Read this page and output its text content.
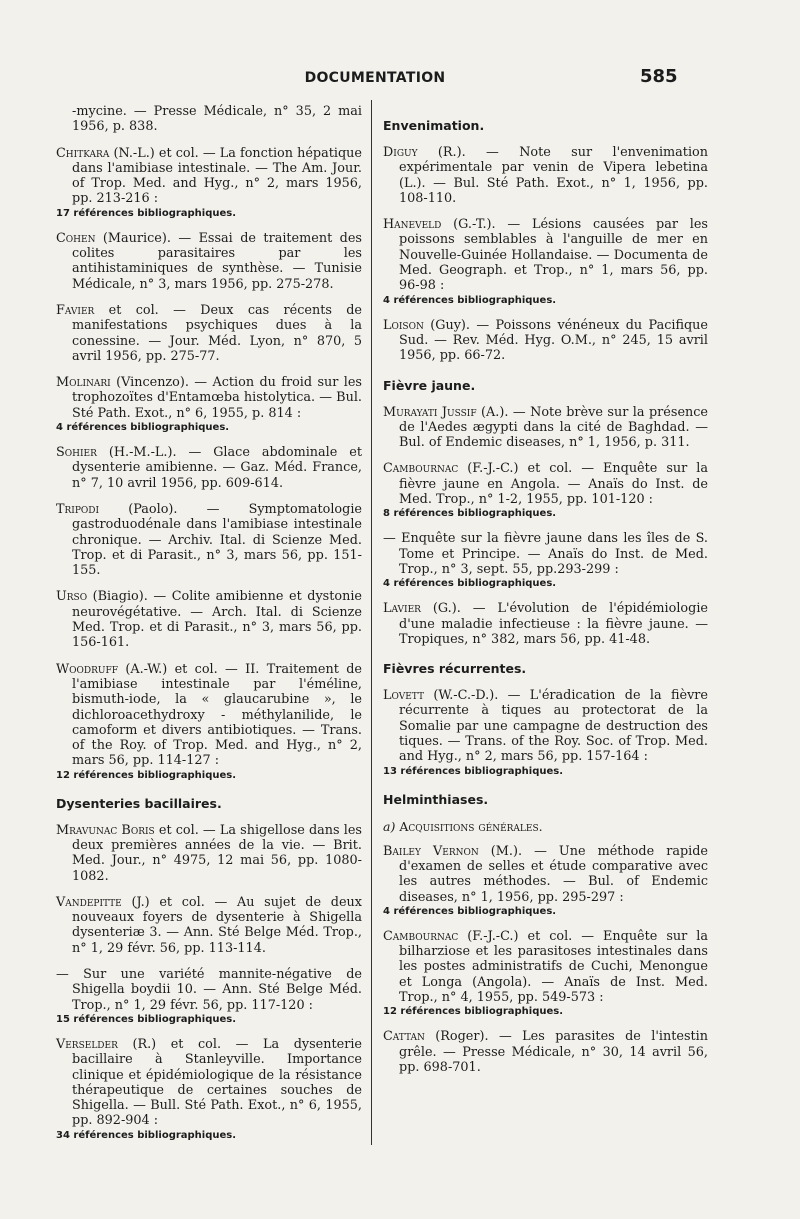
DOCUMENTATION	585

-mycine. — Presse Médicale, n° 35, 2 mai 1956, p. 838.

Chitkara (N.-L.) et col. — La fonction hépatique dans l'amibiase intestinale. — The Am. Jour. of Trop. Med. and Hyg., n° 2, mars 1956, pp. 213-216 :
17 références bibliographiques.

Cohen (Maurice). — Essai de traitement des colites parasitaires par les antihistaminiques de synthèse. — Tunisie Médicale, n° 3, mars 1956, pp. 275-278.

Favier et col. — Deux cas récents de manifestations psychiques dues à la conessine. — Jour. Méd. Lyon, n° 870, 5 avril 1956, pp. 275-77.

Molinari (Vincenzo). — Action du froid sur les trophozoïtes d'Entamœba histolytica. — Bul. Sté Path. Exot., n° 6, 1955, p. 814 :
4 références bibliographiques.

Sohier (H.-M.-L.). — Glace abdominale et dysenterie amibienne. — Gaz. Méd. France, n° 7, 10 avril 1956, pp. 609-614.

Tripodi (Paolo). — Symptomatologie gastroduodénale dans l'amibiase intestinale chronique. — Archiv. Ital. di Scienze Med. Trop. et di Parasit., n° 3, mars 56, pp. 151-155.

Urso (Biagio). — Colite amibienne et dystonie neurovégétative. — Arch. Ital. di Scienze Med. Trop. et di Parasit., n° 3, mars 56, pp. 156-161.

Woodruff (A.-W.) et col. — II. Traitement de l'amibiase intestinale par l'éméline, bismuth-iode, la « glaucarubine », le dichloroacethydroxy - méthylanilide, le camoform et divers antibiotiques. — Trans. of the Roy. of Trop. Med. and Hyg., n° 2, mars 56, pp. 114-127 :
12 références bibliographiques.

Dysenteries bacillaires.

Mravunac Boris et col. — La shigellose dans les deux premières années de la vie. — Brit. Med. Jour., n° 4975, 12 mai 56, pp. 1080-1082.

Vandepitte (J.) et col. — Au sujet de deux nouveaux foyers de dysenterie à Shigella dysenteriæ 3. — Ann. Sté Belge Méd. Trop., n° 1, 29 févr. 56, pp. 113-114.

— Sur une variété mannite-négative de Shigella boydii 10. — Ann. Sté Belge Méd. Trop., n° 1, 29 févr. 56, pp. 117-120 :
15 références bibliographiques.

Verselder (R.) et col. — La dysenterie bacillaire à Stanleyville. Importance clinique et épidémiologique de la résistance thérapeutique de certaines souches de Shigella. — Bull. Sté Path. Exot., n° 6, 1955, pp. 892-904 :
34 références bibliographiques.

Envenimation.

Diguy (R.). — Note sur l'envenimation expérimentale par venin de Vipera lebetina (L.). — Bul. Sté Path. Exot., n° 1, 1956, pp. 108-110.

Haneveld (G.-T.). — Lésions causées par les poissons semblables à l'anguille de mer en Nouvelle-Guinée Hollandaise. — Documenta de Med. Geograph. et Trop., n° 1, mars 56, pp. 96-98 :
4 références bibliographiques.

Loison (Guy). — Poissons vénéneux du Pacifique Sud. — Rev. Méd. Hyg. O.M., n° 245, 15 avril 1956, pp. 66-72.

Fièvre jaune.

Murayati Jussif (A.). — Note brève sur la présence de l'Aedes ægypti dans la cité de Baghdad. — Bul. of Endemic diseases, n° 1, 1956, p. 311.

Cambournac (F.-J.-C.) et col. — Enquête sur la fièvre jaune en Angola. — Anaïs do Inst. de Med. Trop., n° 1-2, 1955, pp. 101-120 :
8 références bibliographiques.

— Enquête sur la fièvre jaune dans les îles de S. Tome et Principe. — Anaïs do Inst. de Med. Trop., n° 3, sept. 55, pp.293-299 :
4 références bibliographiques.

Lavier (G.). — L'évolution de l'épidémiologie d'une maladie infectieuse : la fièvre jaune. — Tropiques, n° 382, mars 56, pp. 41-48.

Fièvres récurrentes.

Lovett (W.-C.-D.). — L'éradication de la fièvre récurrente à tiques au protectorat de la Somalie par une campagne de destruction des tiques. — Trans. of the Roy. Soc. of Trop. Med. and Hyg., n° 2, mars 56, pp. 157-164 :
13 références bibliographiques.

Helminthiases.
a) Acquisitions générales.

Bailey Vernon (M.). — Une méthode rapide d'examen de selles et étude comparative avec les autres méthodes. — Bul. of Endemic diseases, n° 1, 1956, pp. 295-297 :
4 références bibliographiques.

Cambournac (F.-J.-C.) et col. — Enquête sur la bilharziose et les parasitoses intestinales dans les postes administratifs de Cuchi, Menongue et Longa (Angola). — Anaïs de Inst. Med. Trop., n° 4, 1955, pp. 549-573 :
12 références bibliographiques.

Cattan (Roger). — Les parasites de l'intestin grêle. — Presse Médicale, n° 30, 14 avril 56, pp. 698-701.
